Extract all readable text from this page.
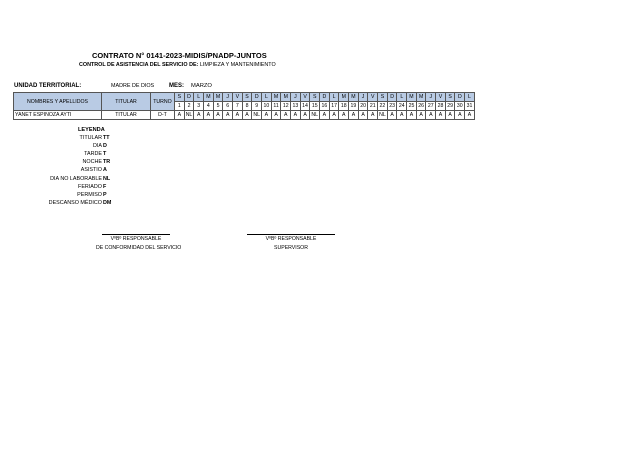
CONTRATO N° 0141-2023-MIDIS/PNADP-JUNTOS
CONTROL DE ASISTENCIA DEL SERVICIO DE: LIMPIEZA Y MANTENIMIENTO
UNIDAD TERRITORIAL:	MADRE DE DIOS MES: MARZO
NOMBRES Y APELLIDOS	TITULAR	TURNO	S	D	L	M	M	J	V	S	D	L	M	M	J	V	S	D	L	M	M	J	V	S	D	L	M	M	J	V	S	D	L
			1	2	3	4	5	6	7	8	9	10	11	12	13	14	15	16	17	18	19	20	21	22	23	24	25	26	27	28	29	30	31
YANET ESPINOZA AYTI	TITULAR	D-T	A	NL	A	A	A	A	A	A	NL	A	A	A	A	A	NL	A	A	A	A	A	A	NL	A	A	A	A	A	A	A	A	A
LEYENDA
TITULAR TT
DIA D
TARDE T
NOCHE TR
ASISTIO A
DIA NO LABORABLE NL
FERIADO F
PERMISO P
DESCANSO MÉDICO DM
VºBº RESPONSABLE
DE CONFORMIDAD DEL SERVICIO
VºBº RESPONSABLE
SUPERVISOR
